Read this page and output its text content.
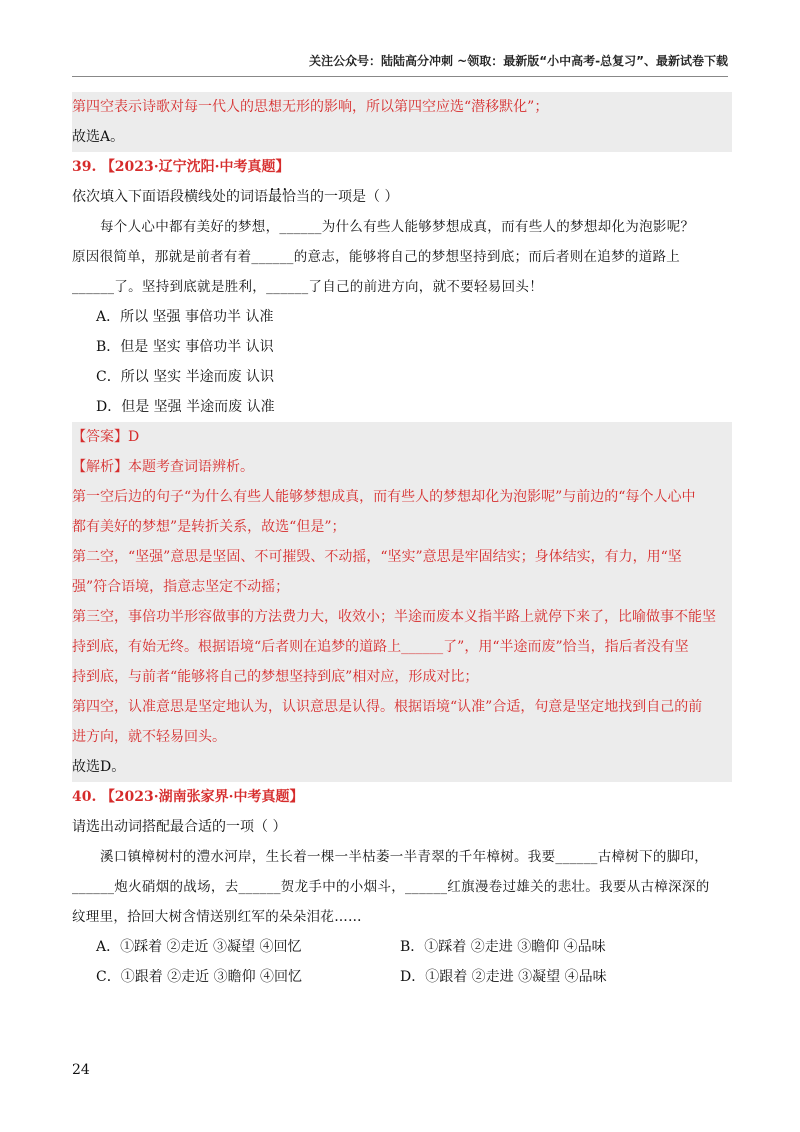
关注公众号：陆陆高分冲刺 ~领取：最新版“小中高考-总复习”、最新试卷下载
第四空表示诗歌对每一代人的思想无形的影响，所以第四空应选“潜移默化”；
故选A。
39. 【2023·辽宁沈阳·中考真题】
依次填入下面语段横线处的词语最恰当 • • •的一项是（ ）
每个人心中都有美好的梦想，______为什么有些人能够梦想成真，而有些人的梦想却化为泡影呢？
原因很简单，那就是前者有着______的意志，能够将自己的梦想坚持到底；而后者则在追梦的道路上
______了。坚持到底就是胜利，______了自己的前进方向，就不要轻易回头！
A．所以 坚强 事倍功半 认准
B．但是 坚实 事倍功半 认识
C．所以 坚实 半途而废 认识
D．但是 坚强 半途而废 认准
【答案】D
【解析】本题考查词语辨析。
第一空后边的句子“为什么有些人能够梦想成真，而有些人的梦想却化为泡影呢”与前边的“每个人心中
都有美好的梦想”是转折关系，故选“但是”；
第二空，“坚强”意思是坚固、不可摧毁、不动摇，“坚实”意思是牢固结实；身体结实，有力，用“坚
强”符合语境，指意志坚定不动摇；
第三空，事倍功半形容做事的方法费力大，收效小；半途而废本义指半路上就停下来了，比喻做事不能坚
持到底，有始无终。根据语境“后者则在追梦的道路上______了”，用“半途而废”恰当，指后者没有坚
持到底，与前者“能够将自己的梦想坚持到底”相对应，形成对比；
第四空，认准意思是坚定地认为，认识意思是认得。根据语境“认准”合适，句意是坚定地找到自己的前
进方向，就不轻易回头。
故选D。
40. 【2023·湖南张家界·中考真题】
请选出动词搭配最合适的一项（ ）
溪口镇樟树村的澧水河岸，生长着一棵一半枯萎一半青翠的千年樟树。我要______古樟树下的脚印，
______炮火硝烟的战场，去______贺龙手中的小烟斗，______红旗漫卷过雄关的悲壮。我要从古樟深深的
纹理里，拾回大树含情送别红军的朵朵泪花……
A．①踩着 ②走近 ③凝望 ④回忆	B．①踩着 ②走进 ③瞻仰 ④品味
C．①跟着 ②走近 ③瞻仰 ④回忆	D．①跟着 ②走进 ③凝望 ④品味
24
